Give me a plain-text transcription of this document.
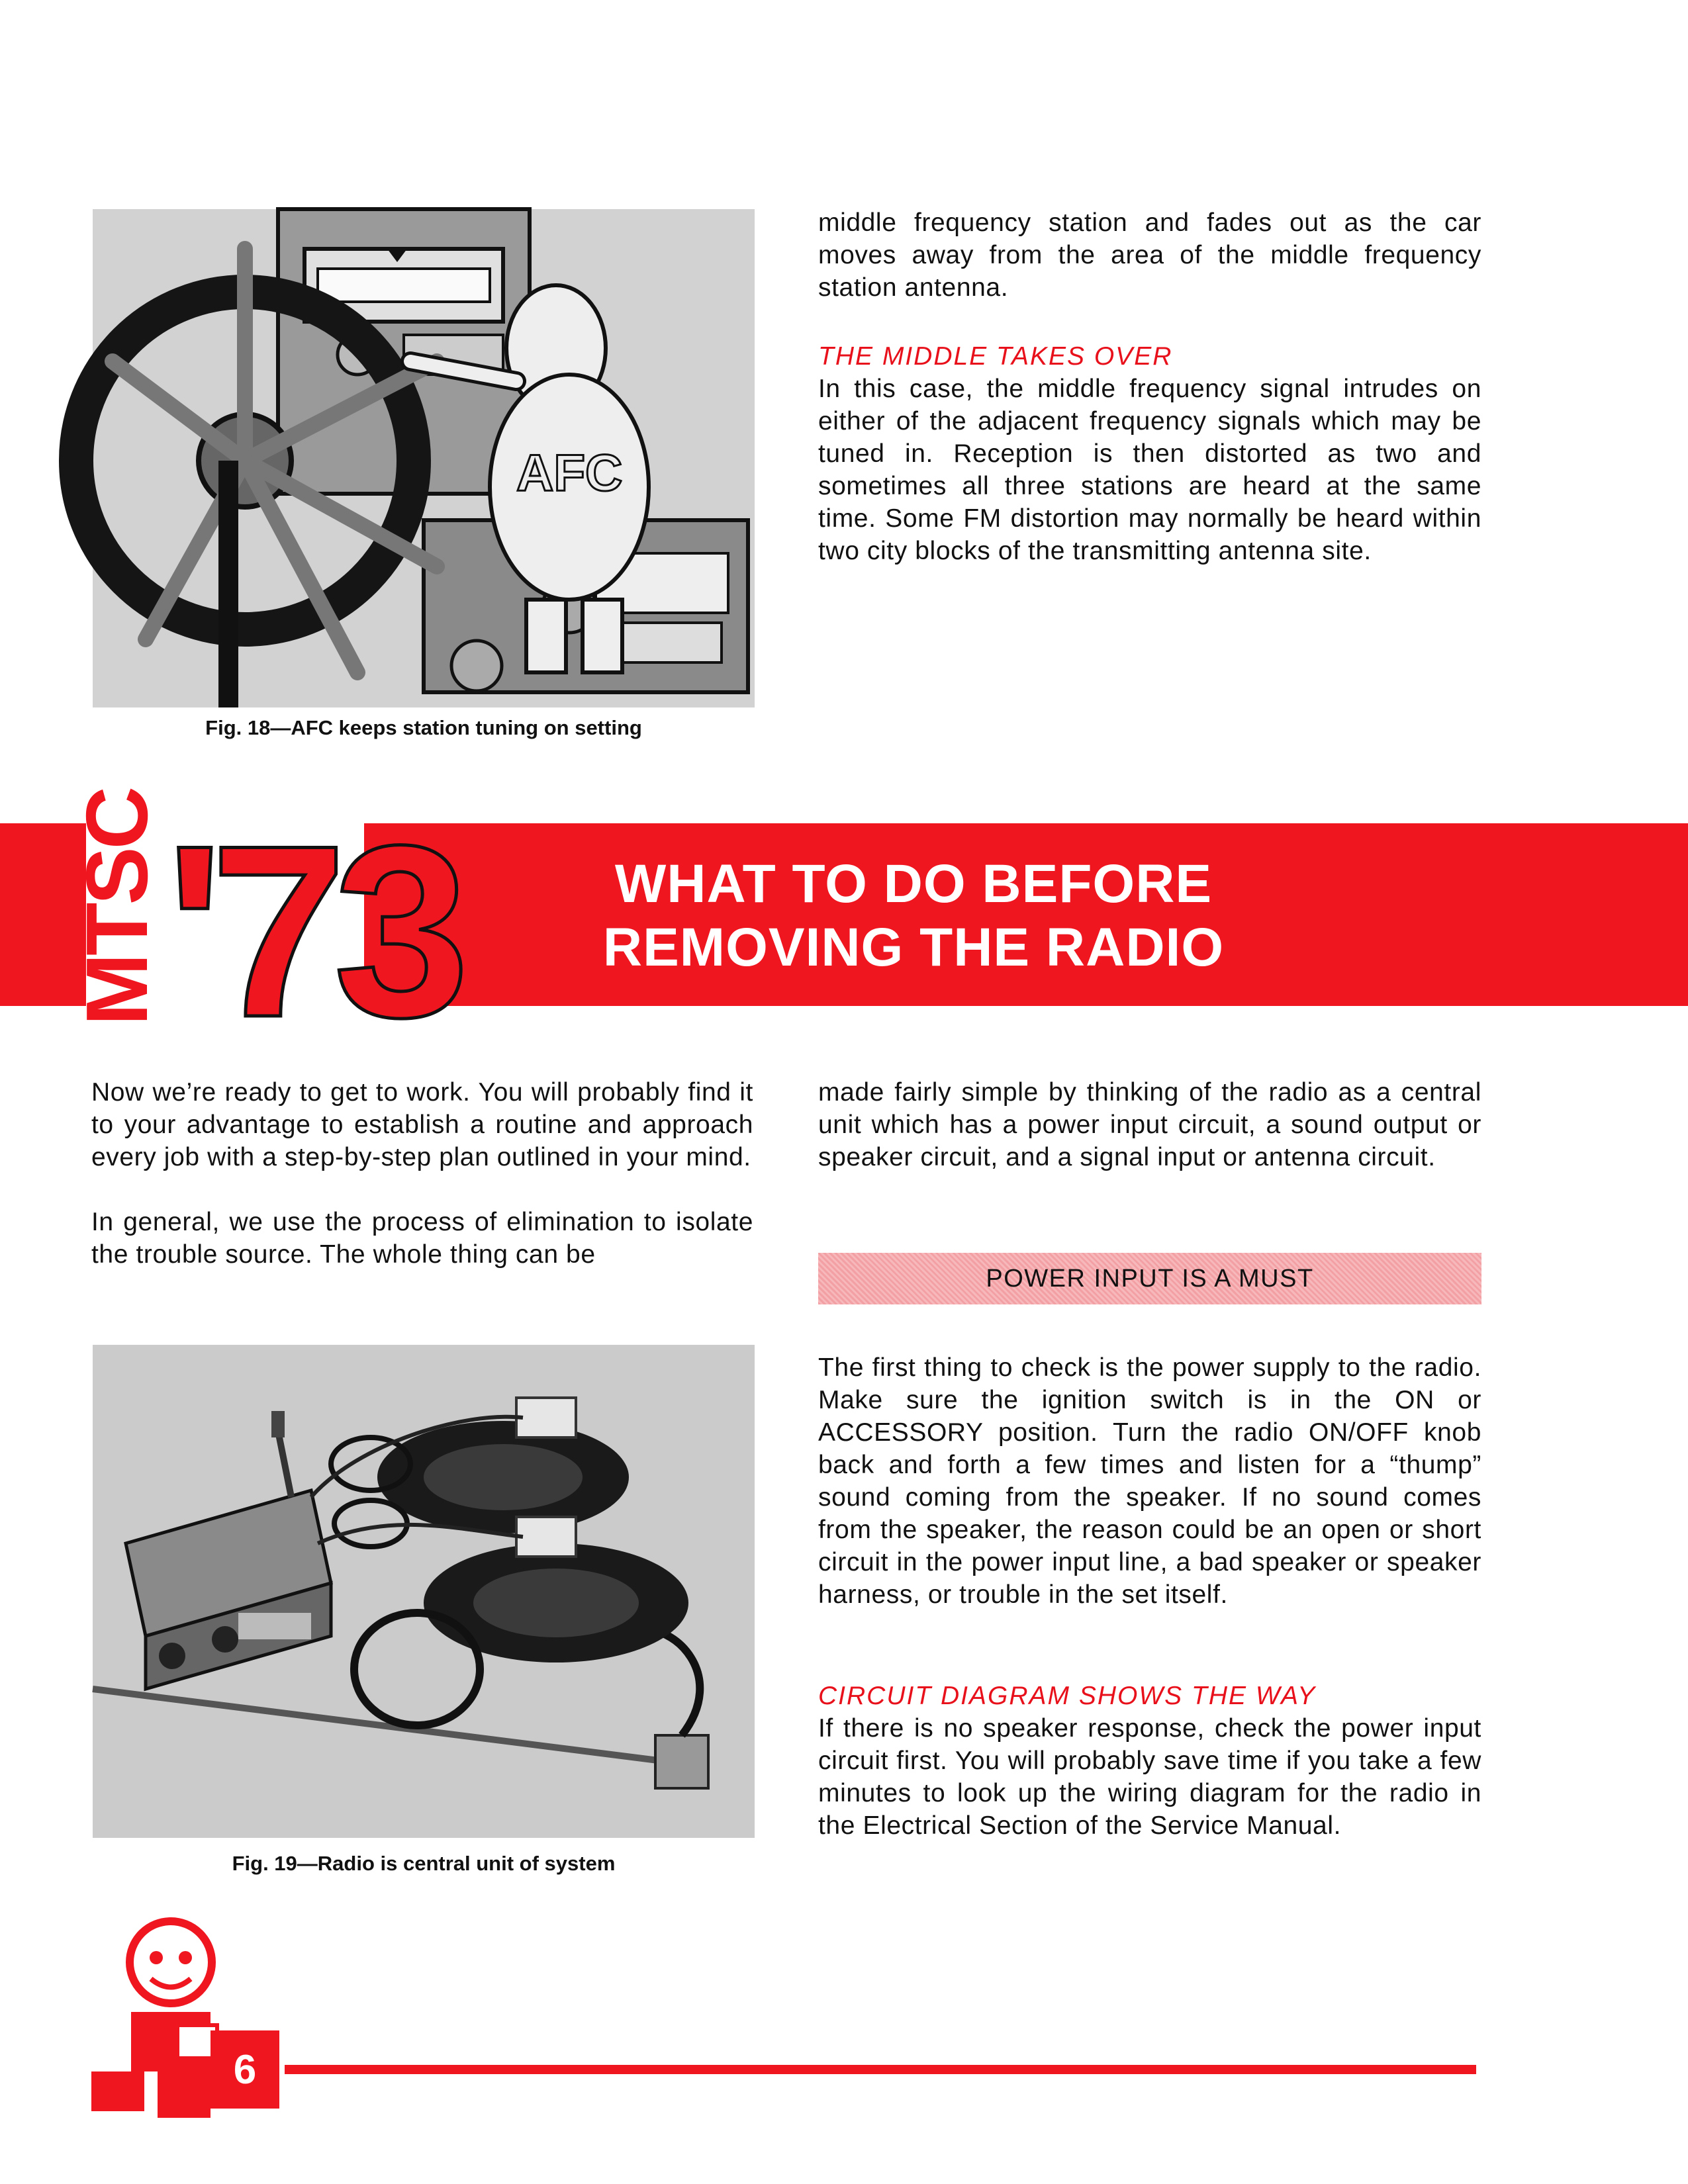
AFC
Fig. 18—AFC keeps station tuning on setting

middle frequency station and fades out as the car moves away from the area of the middle frequency station antenna.

THE MIDDLE TAKES OVER

In this case, the middle frequency signal intrudes on either of the adjacent frequency signals which may be tuned in. Reception is then distorted as two and sometimes all three stations are heard at the same time. Some FM distortion may normally be heard within two city blocks of the transmitting antenna site.

MTSC '73	WHAT TO DO BEFORE
REMOVING THE RADIO

Now we’re ready to get to work. You will probably find it to your advantage to establish a routine and approach every job with a step-by-step plan outlined in your mind.

In general, we use the process of elimination to isolate the trouble source. The whole thing can be

made fairly simple by thinking of the radio as a central unit which has a power input circuit, a sound output or speaker circuit, and a signal input or antenna circuit.

POWER INPUT IS A MUST

The first thing to check is the power supply to the radio. Make sure the ignition switch is in the ON or ACCESSORY position. Turn the radio ON/OFF knob back and forth a few times and listen for a “thump” sound coming from the speaker. If no sound comes from the speaker, the reason could be an open or short circuit in the power input line, a bad speaker or speaker harness, or trouble in the set itself.

CIRCUIT DIAGRAM SHOWS THE WAY

If there is no speaker response, check the power input circuit first. You will probably save time if you take a few minutes to look up the wiring diagram for the radio in the Electrical Section of the Service Manual.

Fig. 19—Radio is central unit of system
6
